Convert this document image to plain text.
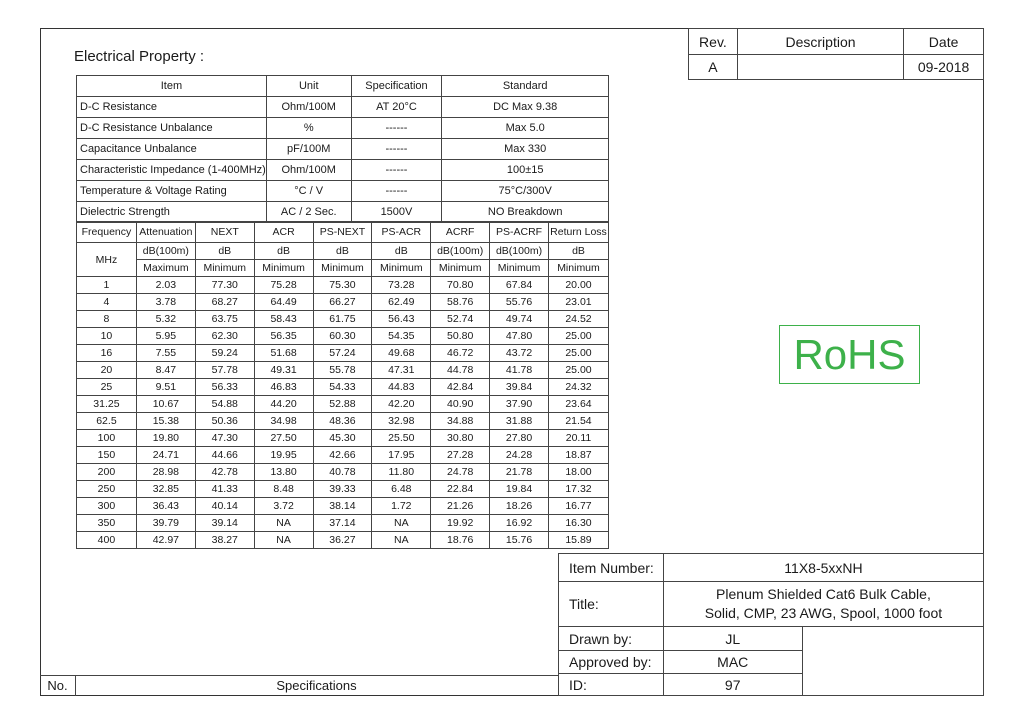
Electrical Property :
Rev.	Description	Date
A		09-2018
Item	Unit	Specification	Standard
D-C Resistance	Ohm/100M	AT 20°C	DC Max 9.38
D-C Resistance Unbalance	%	------	Max 5.0
Capacitance Unbalance	pF/100M	------	Max 330
Characteristic Impedance (1-400MHz)	Ohm/100M	------	100±15
Temperature & Voltage Rating	°C / V	------	75°C/300V
Dielectric Strength	AC / 2 Sec.	1500V	NO Breakdown
Frequency	Attenuation	NEXT	ACR	PS-NEXT	PS-ACR	ACRF	PS-ACRF	Return Loss
MHz	dB(100m)	dB	dB	dB	dB	dB(100m)	dB(100m)	dB
	Maximum	Minimum	Minimum	Minimum	Minimum	Minimum	Minimum	Minimum
1	2.03	77.30	75.28	75.30	73.28	70.80	67.84	20.00
4	3.78	68.27	64.49	66.27	62.49	58.76	55.76	23.01
8	5.32	63.75	58.43	61.75	56.43	52.74	49.74	24.52
10	5.95	62.30	56.35	60.30	54.35	50.80	47.80	25.00
16	7.55	59.24	51.68	57.24	49.68	46.72	43.72	25.00
20	8.47	57.78	49.31	55.78	47.31	44.78	41.78	25.00
25	9.51	56.33	46.83	54.33	44.83	42.84	39.84	24.32
31.25	10.67	54.88	44.20	52.88	42.20	40.90	37.90	23.64
62.5	15.38	50.36	34.98	48.36	32.98	34.88	31.88	21.54
100	19.80	47.30	27.50	45.30	25.50	30.80	27.80	20.11
150	24.71	44.66	19.95	42.66	17.95	27.28	24.28	18.87
200	28.98	42.78	13.80	40.78	11.80	24.78	21.78	18.00
250	32.85	41.33	8.48	39.33	6.48	22.84	19.84	17.32
300	36.43	40.14	3.72	38.14	1.72	21.26	18.26	16.77
350	39.79	39.14	NA	37.14	NA	19.92	16.92	16.30
400	42.97	38.27	NA	36.27	NA	18.76	15.76	15.89
RoHS
Item Number:	11X8-5xxNH	
Title:	Plenum Shielded Cat6 Bulk Cable,
Solid, CMP, 23 AWG, Spool, 1000 foot	

Drawn by:	JL	
Approved by:	MAC	
ID:	97	
No.	Specifications
